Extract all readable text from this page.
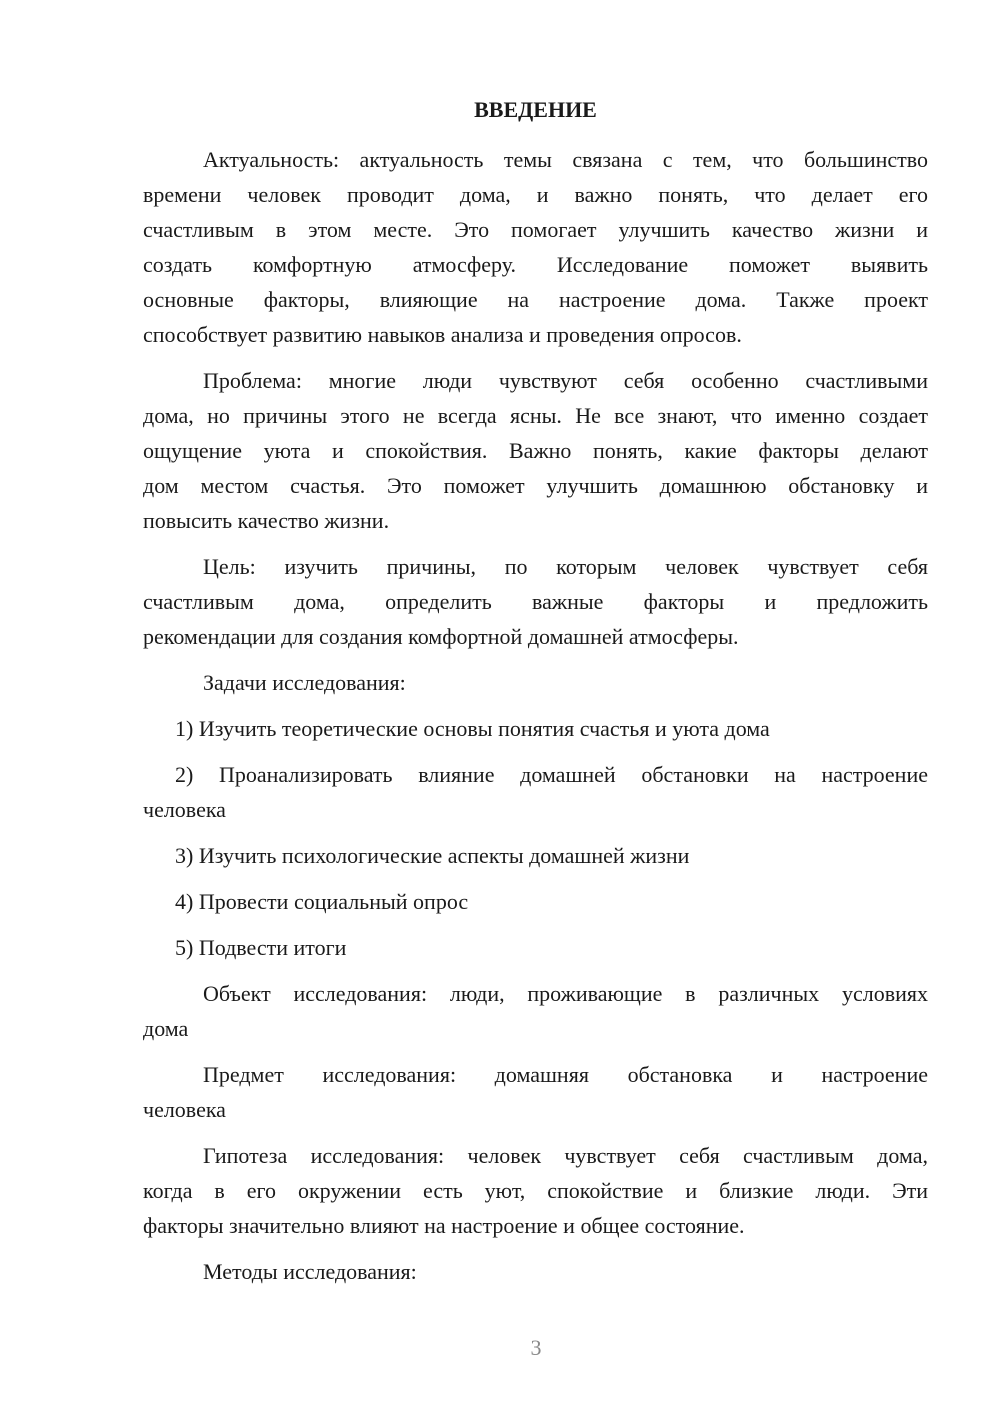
ВВЕДЕНИЕ
Актуальность: актуальность темы связана с тем, что большинство
времени человек проводит дома, и важно понять, что делает его
счастливым в этом месте. Это помогает улучшить качество жизни и
создать комфортную атмосферу. Исследование поможет выявить
основные факторы, влияющие на настроение дома. Также проект
способствует развитию навыков анализа и проведения опросов.
Проблема: многие люди чувствуют себя особенно счастливыми
дома, но причины этого не всегда ясны. Не все знают, что именно создает
ощущение уюта и спокойствия. Важно понять, какие факторы делают
дом местом счастья. Это поможет улучшить домашнюю обстановку и
повысить качество жизни.
Цель: изучить причины, по которым человек чувствует себя
счастливым дома, определить важные факторы и предложить
рекомендации для создания комфортной домашней атмосферы.
Задачи исследования:
1) Изучить теоретические основы понятия счастья и уюта дома
2) Проанализировать влияние домашней обстановки на настроение
человека
3) Изучить психологические аспекты домашней жизни
4) Провести социальный опрос
5) Подвести итоги
Объект исследования: люди, проживающие в различных условиях
дома
Предмет исследования: домашняя обстановка и настроение
человека
Гипотеза исследования: человек чувствует себя счастливым дома,
когда в его окружении есть уют, спокойствие и близкие люди. Эти
факторы значительно влияют на настроение и общее состояние.
Методы исследования:
3
